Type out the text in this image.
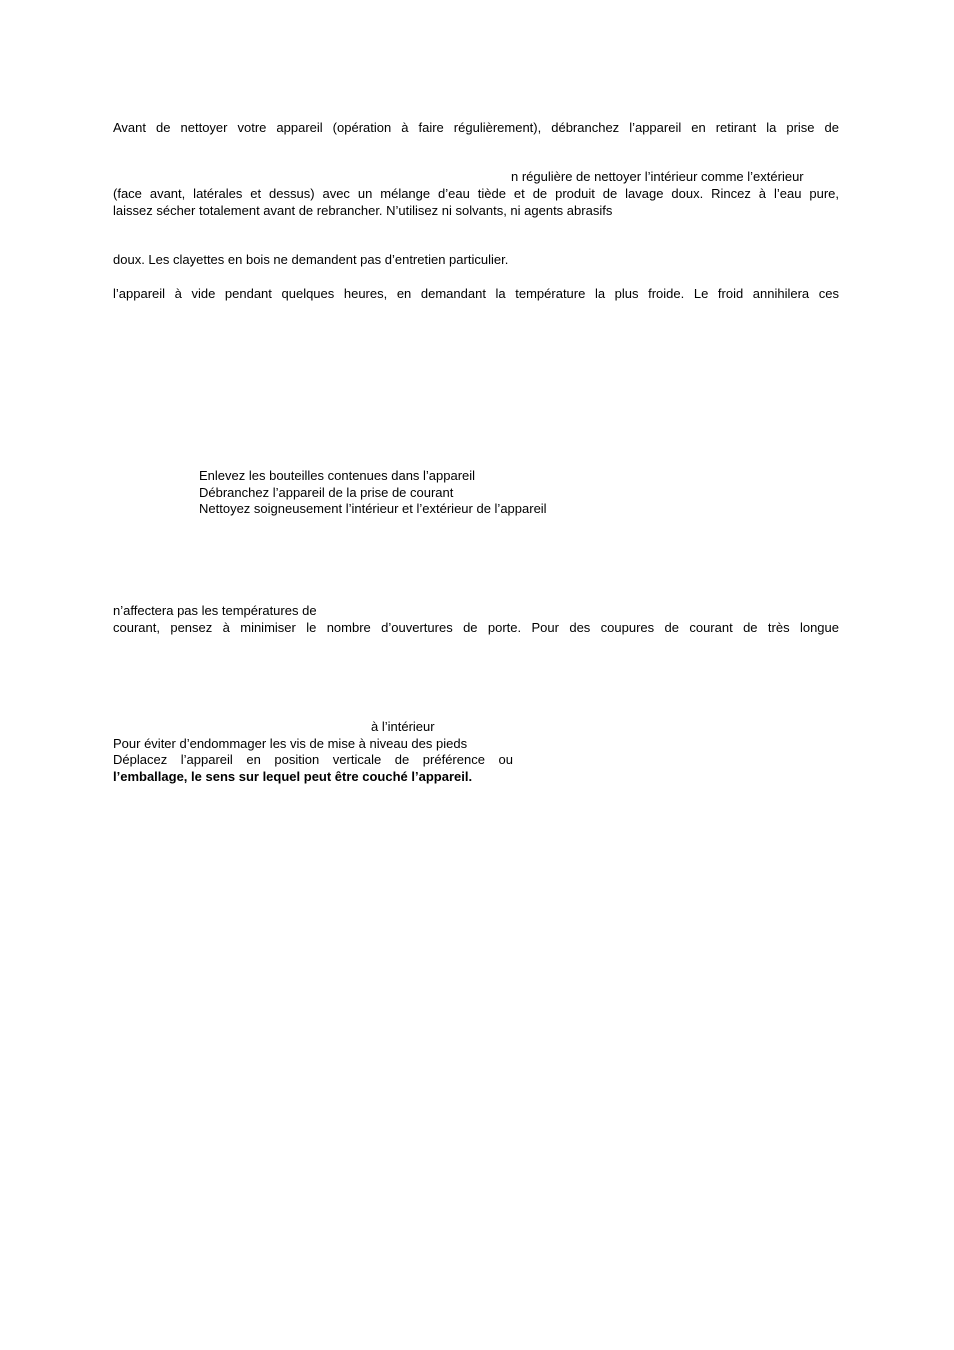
Avant de nettoyer votre appareil (opération à faire régulièrement), débranchez l’appareil en retirant la prise de
n régulière de nettoyer l’intérieur comme l’extérieur
(face avant, latérales et dessus) avec un mélange d’eau tiède et de produit de lavage doux. Rincez à l’eau pure,
laissez sécher totalement avant de rebrancher. N’utilisez ni solvants, ni agents abrasifs
doux. Les clayettes en bois ne demandent pas d’entretien particulier.
l’appareil à vide pendant quelques heures, en demandant la température la plus froide. Le froid annihilera ces
Enlevez les bouteilles contenues dans l’appareil
Débranchez l’appareil de la prise de courant
Nettoyez soigneusement l’intérieur et l’extérieur de l’appareil
n’affectera pas les températures de
courant, pensez à minimiser le nombre d’ouvertures de porte. Pour des coupures de courant de très longue
à l’intérieur
Pour éviter d’endommager les vis de mise à niveau des pieds
Déplacez l’appareil en position verticale de préférence ou
l’emballage, le sens sur lequel peut être couché l’appareil.
